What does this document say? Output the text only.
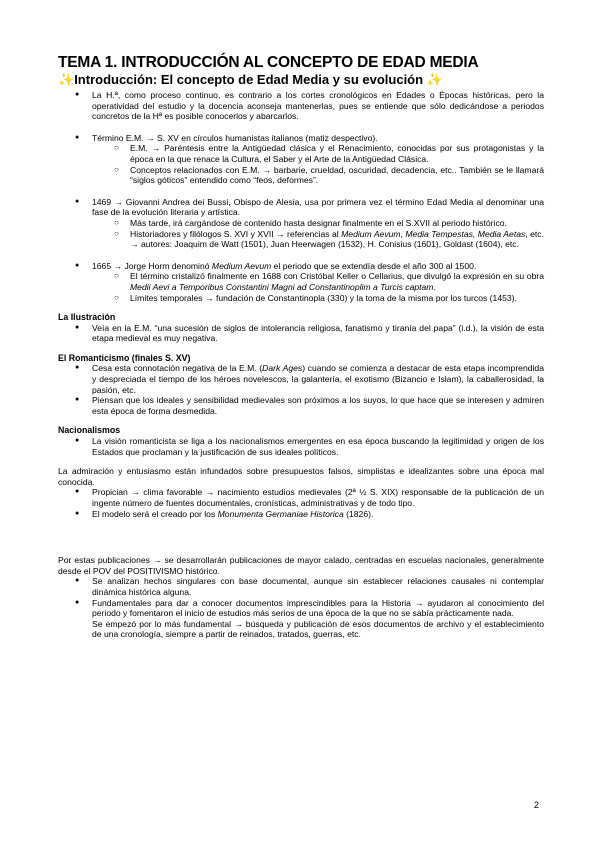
TEMA 1. INTRODUCCIÓN AL CONCEPTO DE EDAD MEDIA
✨Introducción: El concepto de Edad Media y su evolución ✨
● La H.ª, como proceso continuo, es contrario a los cortes cronológicos en Edades o Épocas históricas, pero la operatividad del estudio y la docencia aconseja mantenerlas, pues se entiende que sólo dedicándose a periodos concretos de la Hª es posible conocerlos y abarcarlos.
● Término E.M. → S. XV en círculos humanistas italianos (matiz despectivo).
○ E.M. → Paréntesis entre la Antigüedad clásica y el Renacimiento, conocidas por sus protagonistas y la época en la que renace la Cultura, el Saber y el Arte de la Antigüedad Clásica.
○ Conceptos relacionados con E.M. → barbarie, crueldad, oscuridad, decadencia, etc.. También se le llamará “siglos góticos” entendido como “feos, deformes”.
● 1469 → Giovanni Andrea dei Bussi, Obispo de Alesia, usa por primera vez el término Edad Media al denominar una fase de la evolución literaria y artística.
○ Más tarde, irá cargándose de contenido hasta designar finalmente en el S.XVII al periodo histórico.
○ Historiadores y filólogos S. XVI y XVII → referencias al Medium Aevum, Media Tempestas, Media Aetas, etc. → autores: Joaquim de Watt (1501), Juan Heerwagen (1532), H. Conisius (1601), Goldast (1604), etc.
● 1665 → Jorge Horm denominó Medium Aevum el periodo que se extendía desde el año 300 al 1500.
○ El término cristalizó finalmente en 1688 con Cristóbal Keller o Cellarius, que divulgó la expresión en su obra Medii Aevi a Temporibus Constantini Magni ad Constantinoplim a Turcis captam.
○ Límites temporales → fundación de Constantinopla (330) y la toma de la misma por los turcos (1453).
La Ilustración
● Veía en la E.M. “una sucesión de siglos de intolerancia religiosa, fanatismo y tiranía del papa” (i.d.), la visión de esta etapa medieval es muy negativa.
El Romanticismo (finales S. XV)
● Cesa esta connotación negativa de la E.M. (Dark Ages) cuando se comienza a destacar de esta etapa incomprendida y despreciada el tiempo de los héroes novelescos, la galantería, el exotismo (Bizancio e Islam), la caballerosidad, la pasión, etc.
● Piensan que los ideales y sensibilidad medievales son próximos a los suyos, lo que hace que se interesen y admiren esta época de forma desmedida.
Nacionalismos
● La visión romanticista se liga a los nacionalismos emergentes en esa época buscando la legitimidad y origen de los Estados que proclaman y la justificación de sus ideales políticos.
La admiración y entusiasmo están infundados sobre presupuestos falsos, simplistas e idealizantes sobre una época mal conocida.
● Propician → clima favorable → nacimiento estudios medievales (2ª ½ S. XIX) responsable de la publicación de un ingente número de fuentes documentales, cronísticas, administrativas y de todo tipo.
● El modelo será el creado por los Monumenta Germaniae Historica (1826).
Por estas publicaciones → se desarrollarán publicaciones de mayor calado, centradas en escuelas nacionales, generalmente desde el POV del POSITIVISMO histórico.
● Se analizan hechos singulares con base documental, aunque sin establecer relaciones causales ni contemplar dinámica histórica alguna.
● Fundamentales para dar a conocer documentos imprescindibles para la Historia → ayudaron al conocimiento del periodo y fomentaron el inicio de estudios más serios de una época de la que no se sabía prácticamente nada.
Se empezó por lo más fundamental → búsqueda y publicación de esos documentos de archivo y el establecimiento de una cronología, siempre a partir de reinados, tratados, guerras, etc.
2
